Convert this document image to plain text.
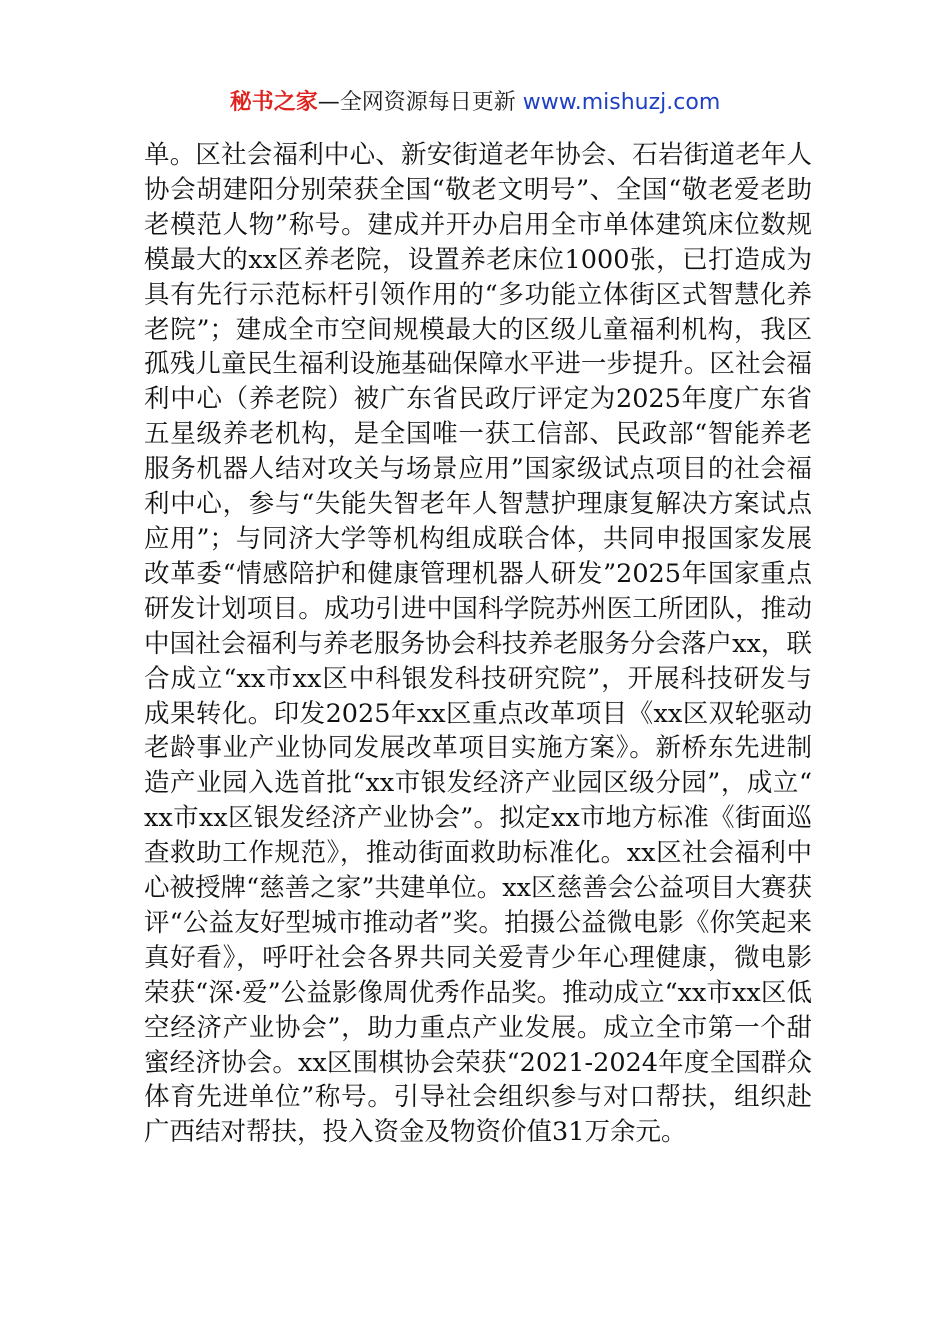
秘书之家—全网资源每日更新 www.mishuzj.com
单。区社会福利中心、新安街道老年协会、石岩街道老年人协会胡建阳分别荣获全国“敬老文明号”、全国“敬老爱老助老模范人物”称号。建成并开办启用全市单体建筑床位数规模最大的xx区养老院，设置养老床位1000张，已打造成为具有先行示范标杆引领作用的“多功能立体街区式智慧化养老院”；建成全市空间规模最大的区级儿童福利机构，我区孤残儿童民生福利设施基础保障水平进一步提升。区社会福利中心（养老院）被广东省民政厅评定为2025年度广东省五星级养老机构，是全国唯一获工信部、民政部“智能养老服务机器人结对攻关与场景应用”国家级试点项目的社会福利中心，参与“失能失智老年人智慧护理康复解决方案试点应用”；与同济大学等机构组成联合体，共同申报国家发展改革委“情感陪护和健康管理机器人研发”2025年国家重点研发计划项目。成功引进中国科学院苏州医工所团队，推动中国社会福利与养老服务协会科技养老服务分会落户xx，联合成立“xx市xx区中科银发科技研究院”，开展科技研发与成果转化。印发2025年xx区重点改革项目《xx区双轮驱动老龄事业产业协同发展改革项目实施方案》。新桥东先进制造产业园入选首批“xx市银发经济产业园区级分园”，成立“xx市xx区银发经济产业协会”。拟定xx市地方标准《街面巡查救助工作规范》，推动街面救助标准化。xx区社会福利中心被授牌“慈善之家”共建单位。xx区慈善会公益项目大赛获评“公益友好型城市推动者”奖。拍摄公益微电影《你笑起来真好看》，呼吁社会各界共同关爱青少年心理健康，微电影荣获“深·爱”公益影像周优秀作品奖。推动成立“xx市xx区低空经济产业协会”，助力重点产业发展。成立全市第一个甜蜜经济协会。xx区围棋协会荣获“2021-2024年度全国群众体育先进单位”称号。引导社会组织参与对口帮扶，组织赴广西结对帮扶，投入资金及物资价值31万余元。
